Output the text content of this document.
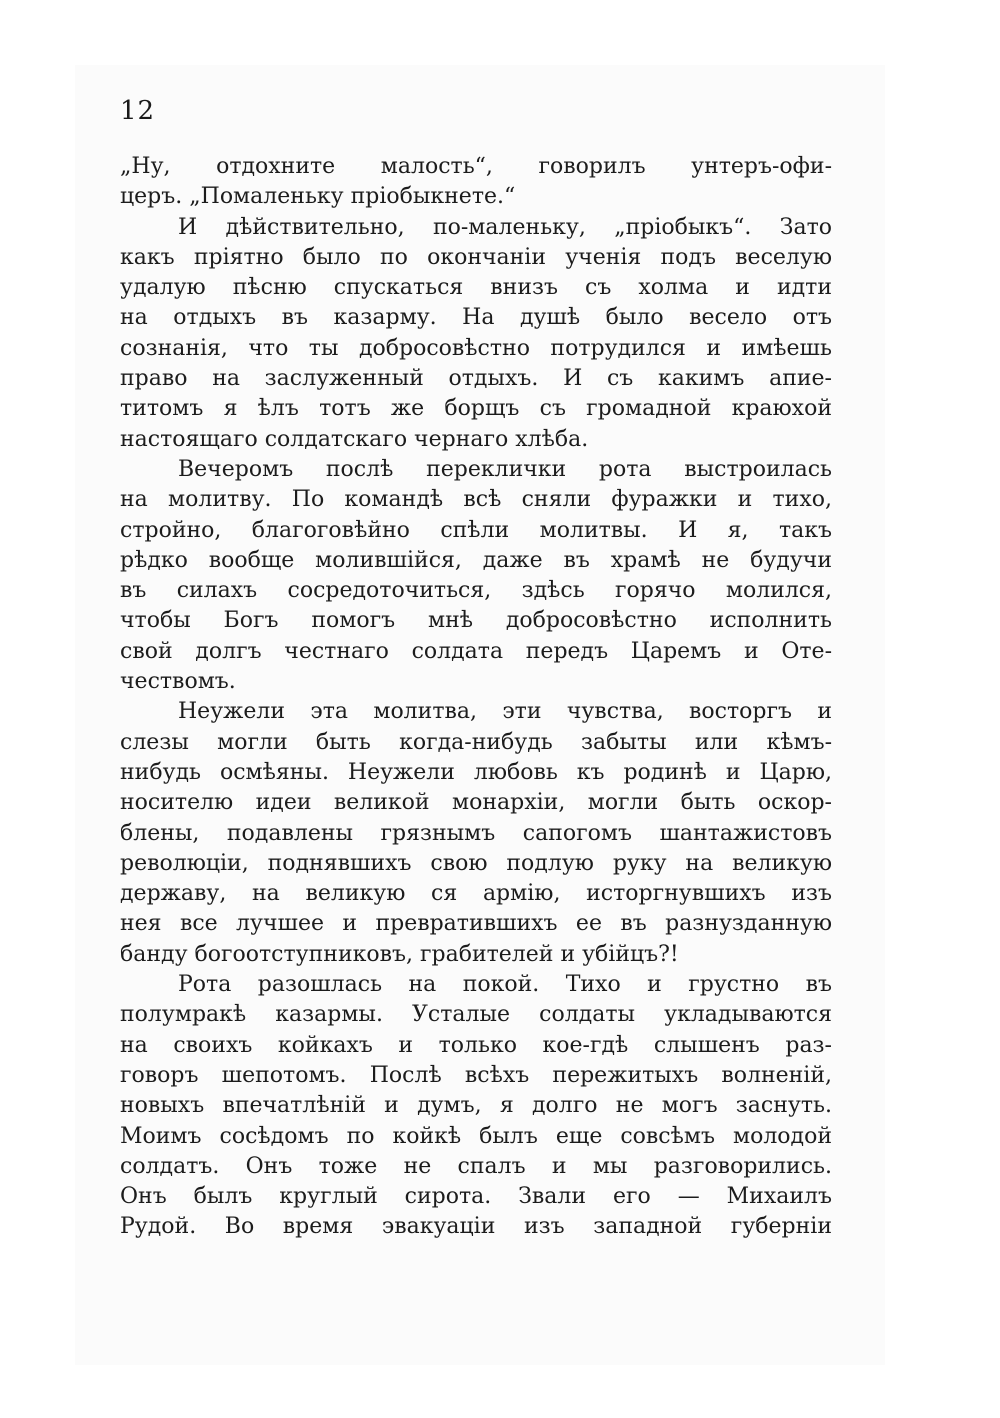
12
„Ну, отдохните малость“, говорилъ унтеръ-офи-
церъ. „Помаленьку пріобыкнете.“
И дѣйствительно, по-маленьку, „пріобыкъ“. Зато
какъ пріятно было по окончаніи ученія подъ веселую
удалую пѣсню спускаться внизъ съ холма и идти
на отдыхъ въ казарму. На душѣ было весело отъ
сознанія, что ты добросовѣстно потрудился и имѣешь
право на заслуженный отдыхъ. И съ какимъ апие-
титомъ я ѣлъ тотъ же борщъ съ громадной краюхой
настоящаго солдатскаго чернаго хлѣба.
Вечеромъ послѣ переклички рота выстроилась
на молитву. По командѣ всѣ сняли фуражки и тихо,
стройно, благоговѣйно спѣли молитвы. И я, такъ
рѣдко вообще молившійся, даже въ храмѣ не будучи
въ силахъ сосредоточиться, здѣсь горячо молился,
чтобы Богъ помогъ мнѣ добросовѣстно исполнить
свой долгъ честнаго солдата передъ Царемъ и Оте-
чествомъ.
Неужели эта молитва, эти чувства, восторгъ и
слезы могли быть когда-нибудь забыты или кѣмъ-
нибудь осмѣяны. Неужели любовь къ родинѣ и Царю,
носителю идеи великой монархіи, могли быть оскор-
блены, подавлены грязнымъ сапогомъ шантажистовъ
революціи, поднявшихъ свою подлую руку на великую
державу, на великую ся армію, исторгнувшихъ изъ
нея все лучшее и превратившихъ ее въ разнузданную
банду богоотступниковъ, грабителей и убійцъ?!
Рота разошлась на покой. Тихо и грустно въ
полумракѣ казармы. Усталые солдаты укладываются
на своихъ койкахъ и только кое-гдѣ слышенъ раз-
говоръ шепотомъ. Послѣ всѣхъ пережитыхъ волненій,
новыхъ впечатлѣній и думъ, я долго не могъ заснуть.
Моимъ сосѣдомъ по койкѣ былъ еще совсѣмъ молодой
солдатъ. Онъ тоже не спалъ и мы разговорились.
Онъ былъ круглый сирота. Звали его — Михаилъ
Рудой. Во время эвакуаціи изъ западной губерніи
